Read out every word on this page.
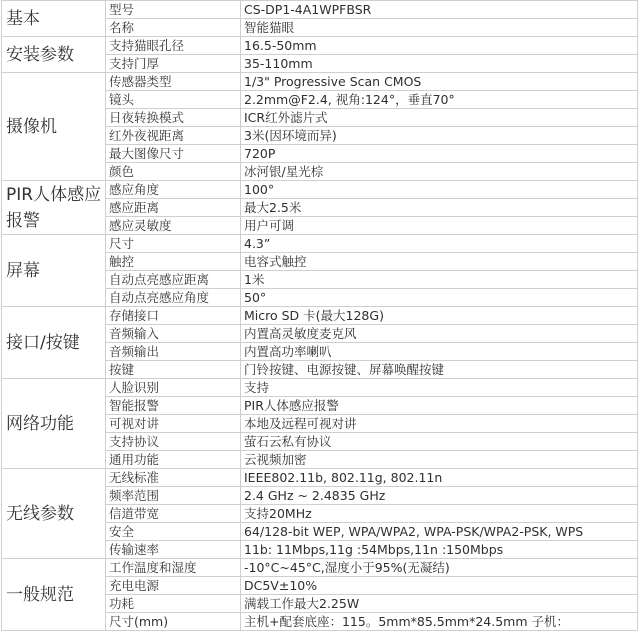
基本	型号	CS-DP1-4A1WPFBSR
	名称	智能猫眼
安装参数	支持猫眼孔径	16.5-50mm
	支持门厚	35-110mm
摄像机	传感器类型	1/3" Progressive Scan CMOS
	镜头	2.2mm@F2.4, 视角:124°，垂直70°
	日夜转换模式	ICR红外滤片式
	红外夜视距离	3米(因环境而异)
	最大图像尺寸	720P
	颜色	冰河银/星光棕
PIR人体感应报警	感应角度	100°
	感应距离	最大2.5米
	感应灵敏度	用户可调
屏幕	尺寸	4.3”
	触控	电容式触控
	自动点亮感应距离	1米
	自动点亮感应角度	50°
接口/按键	存储接口	Micro SD 卡(最大128G)
	音频输入	内置高灵敏度麦克风
	音频输出	内置高功率喇叭
	按键	门铃按键、电源按键、屏幕唤醒按键
网络功能	人脸识别	支持
	智能报警	PIR人体感应报警
	可视对讲	本地及远程可视对讲
	支持协议	萤石云私有协议
	通用功能	云视频加密
无线参数	无线标准	IEEE802.11b, 802.11g, 802.11n
	频率范围	2.4 GHz ~ 2.4835 GHz
	信道带宽	支持20MHz
	安全	64/128-bit WEP, WPA/WPA2, WPA-PSK/WPA2-PSK, WPS
	传输速率	11b: 11Mbps,11g :54Mbps,11n :150Mbps
一般规范	工作温度和湿度	-10°C~45°C,湿度小于95%(无凝结)
	充电电源	DC5V±10%
	功耗	满载工作最大2.25W
	尺寸(mm)	主机+配套底座：115。5mm*85.5mm*24.5mm 子机：
